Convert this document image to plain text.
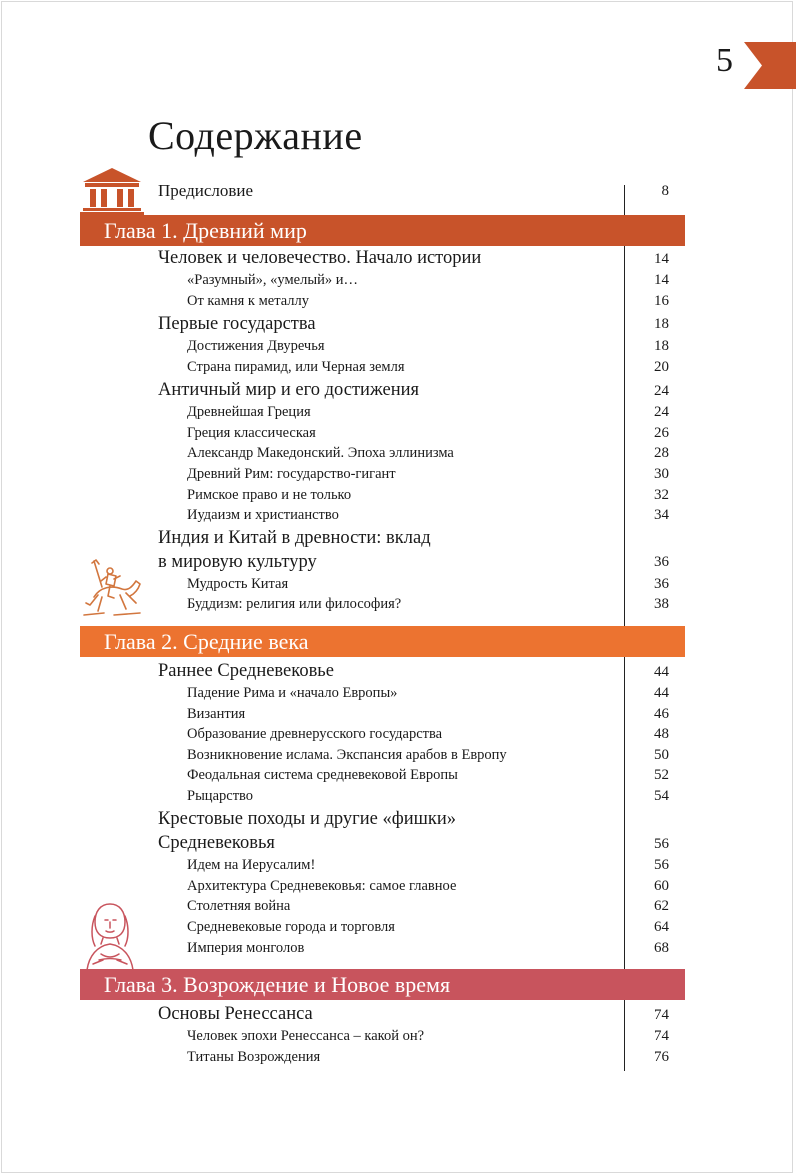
5
Содержание
Предисловие	8
Глава 1. Древний мир
Человек и человечество. Начало истории	14
«Разумный», «умелый» и…	14
От камня к металлу	16
Первые государства	18
Достижения Двуречья	18
Страна пирамид, или Черная земля	20
Античный мир и его достижения	24
Древнейшая Греция	24
Греция классическая	26
Александр Македонский. Эпоха эллинизма	28
Древний Рим: государство-гигант	30
Римское право и не только	32
Иудаизм и христианство	34
Индия и Китай в древности: вклад
в мировую культуру	36
Мудрость Китая	36
Буддизм: религия или философия?	38
Глава 2. Средние века
Раннее Средневековье	44
Падение Рима и «начало Европы»	44
Византия	46
Образование древнерусского государства	48
Возникновение ислама. Экспансия арабов в Европу	50
Феодальная система средневековой Европы	52
Рыцарство	54
Крестовые походы и другие «фишки»
Средневековья	56
Идем на Иерусалим!	56
Архитектура Средневековья: самое главное	60
Столетняя война	62
Средневековые города и торговля	64
Империя монголов	68
Глава 3. Возрождение и Новое время
Основы Ренессанса	74
Человек эпохи Ренессанса – какой он?	74
Титаны Возрождения	76
